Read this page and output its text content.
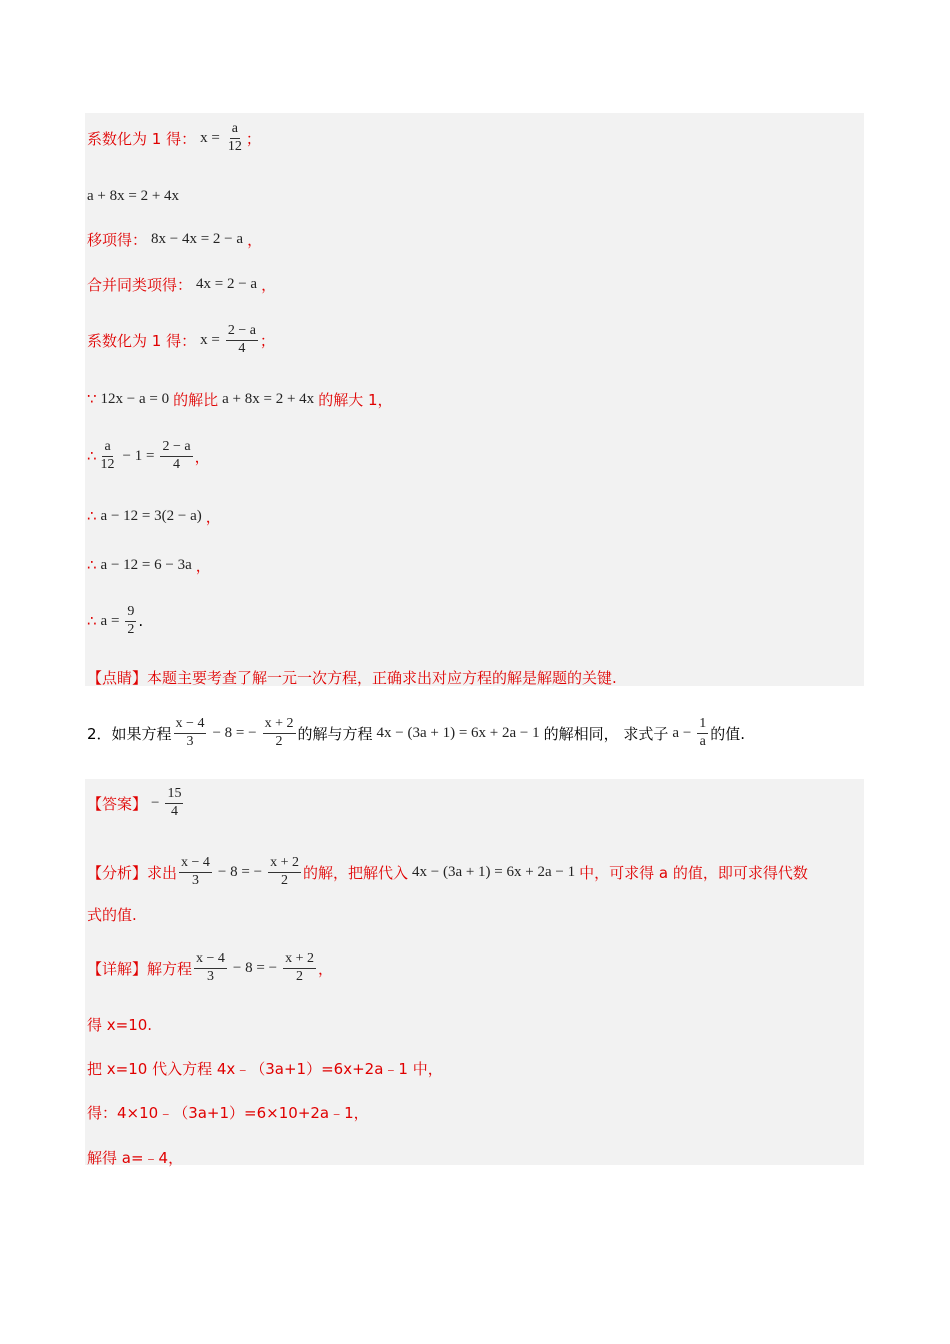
系数化为 1 得： $x = \frac{a}{12}$ ；
a + 8x = 2 + 4x
移项得： 8x − 4x = 2 − a ，
合并同类项得： 4x = 2 − a ，
系数化为 1 得： $x = \frac{2 - a}{4}$ ；
∵ 12x − a = 0 的解比 a + 8x = 2 + 4x 的解大 1，
∴ $\frac{a}{12} - 1 = \frac{2 - a}{4}$ ，
∴ a − 12 = 3(2 − a) ，
∴ a − 12 = 6 − 3a ，
∴ $a = \frac{9}{2}$ .
【点睛】本题主要考查了解一元一次方程，正确求出对应方程的解是解题的关键.
2．如果方程 $\frac{x - 4}{3} - 8$ = − $\frac{x + 2}{2}$ 的解与方程 4x − (3a + 1) = 6x + 2a − 1 的解相同， 求式子 $a - \frac{1}{a}$ 的值.
【答案】 − $\frac{15}{4}$
【分析】求出 $\frac{x - 4}{3} - 8$ = − $\frac{x + 2}{2}$ 的解，把解代入 4x − (3a + 1) = 6x + 2a − 1 中，可求得 a 的值，即可求得代数
式的值.
【详解】解方程 $\frac{x - 4}{3} - 8$ = − $\frac{x + 2}{2}$ ，
得 x=10.
把 x=10 代入方程 4x﹣（3a+1）=6x+2a﹣1 中，
得：4×10﹣（3a+1）=6×10+2a﹣1，
解得 a=﹣4，
